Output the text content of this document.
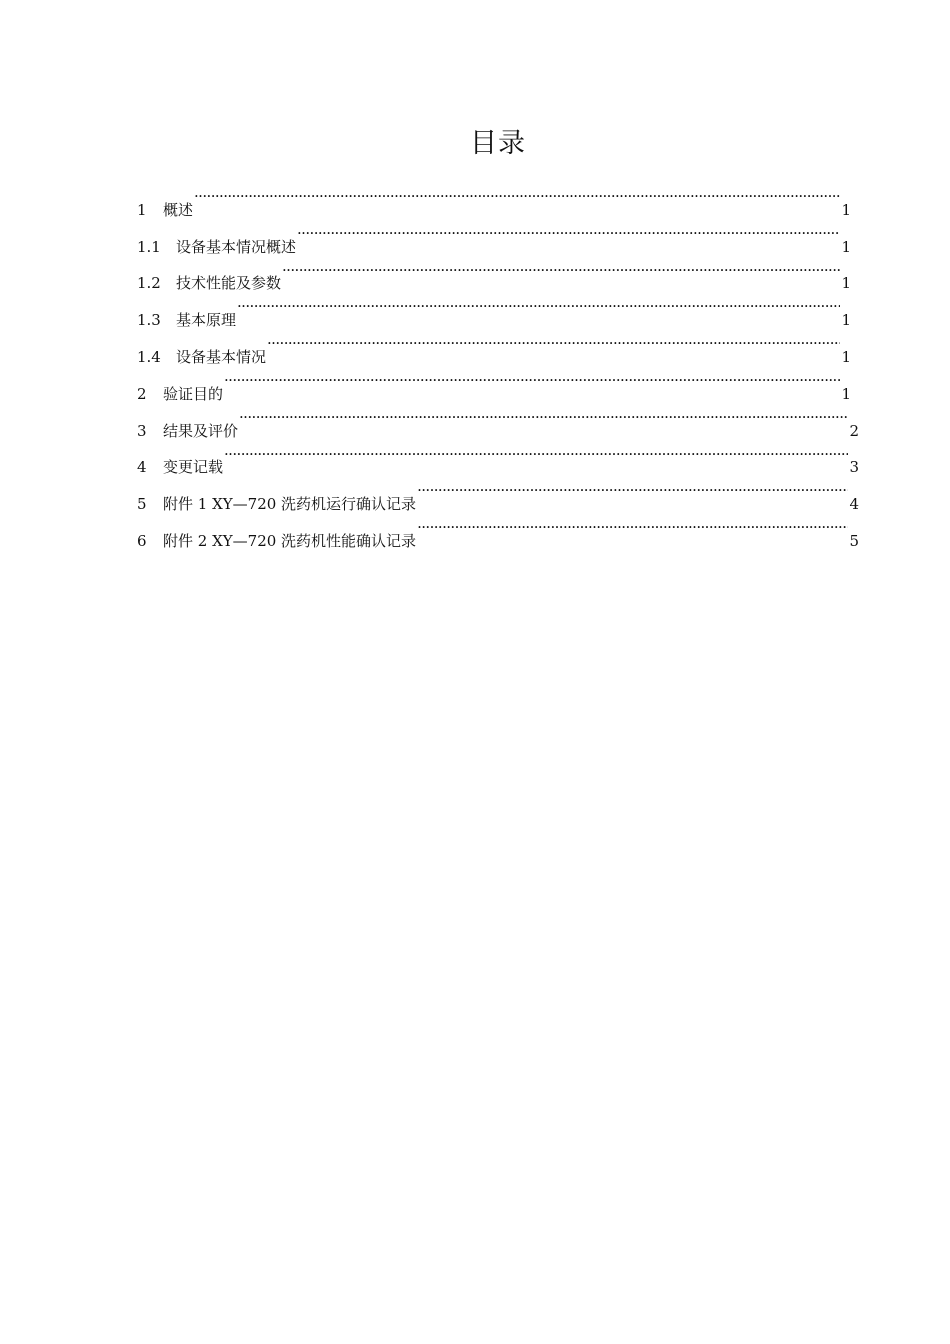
目录
1	概述 ·····	1
1.1	设备基本情况概述 ·····	1
1.2	技术性能及参数 ·····	1
1.3	基本原理 ·····	1
1.4	设备基本情况 ·····	1
2	验证目的 ·····	1
3	结果及评价 ·····	2
4	变更记载 ·····	3
5	附件 1 XY—720 洗药机运行确认记录 ·····	4
6	附件 2 XY—720 洗药机性能确认记录 ·····	5
